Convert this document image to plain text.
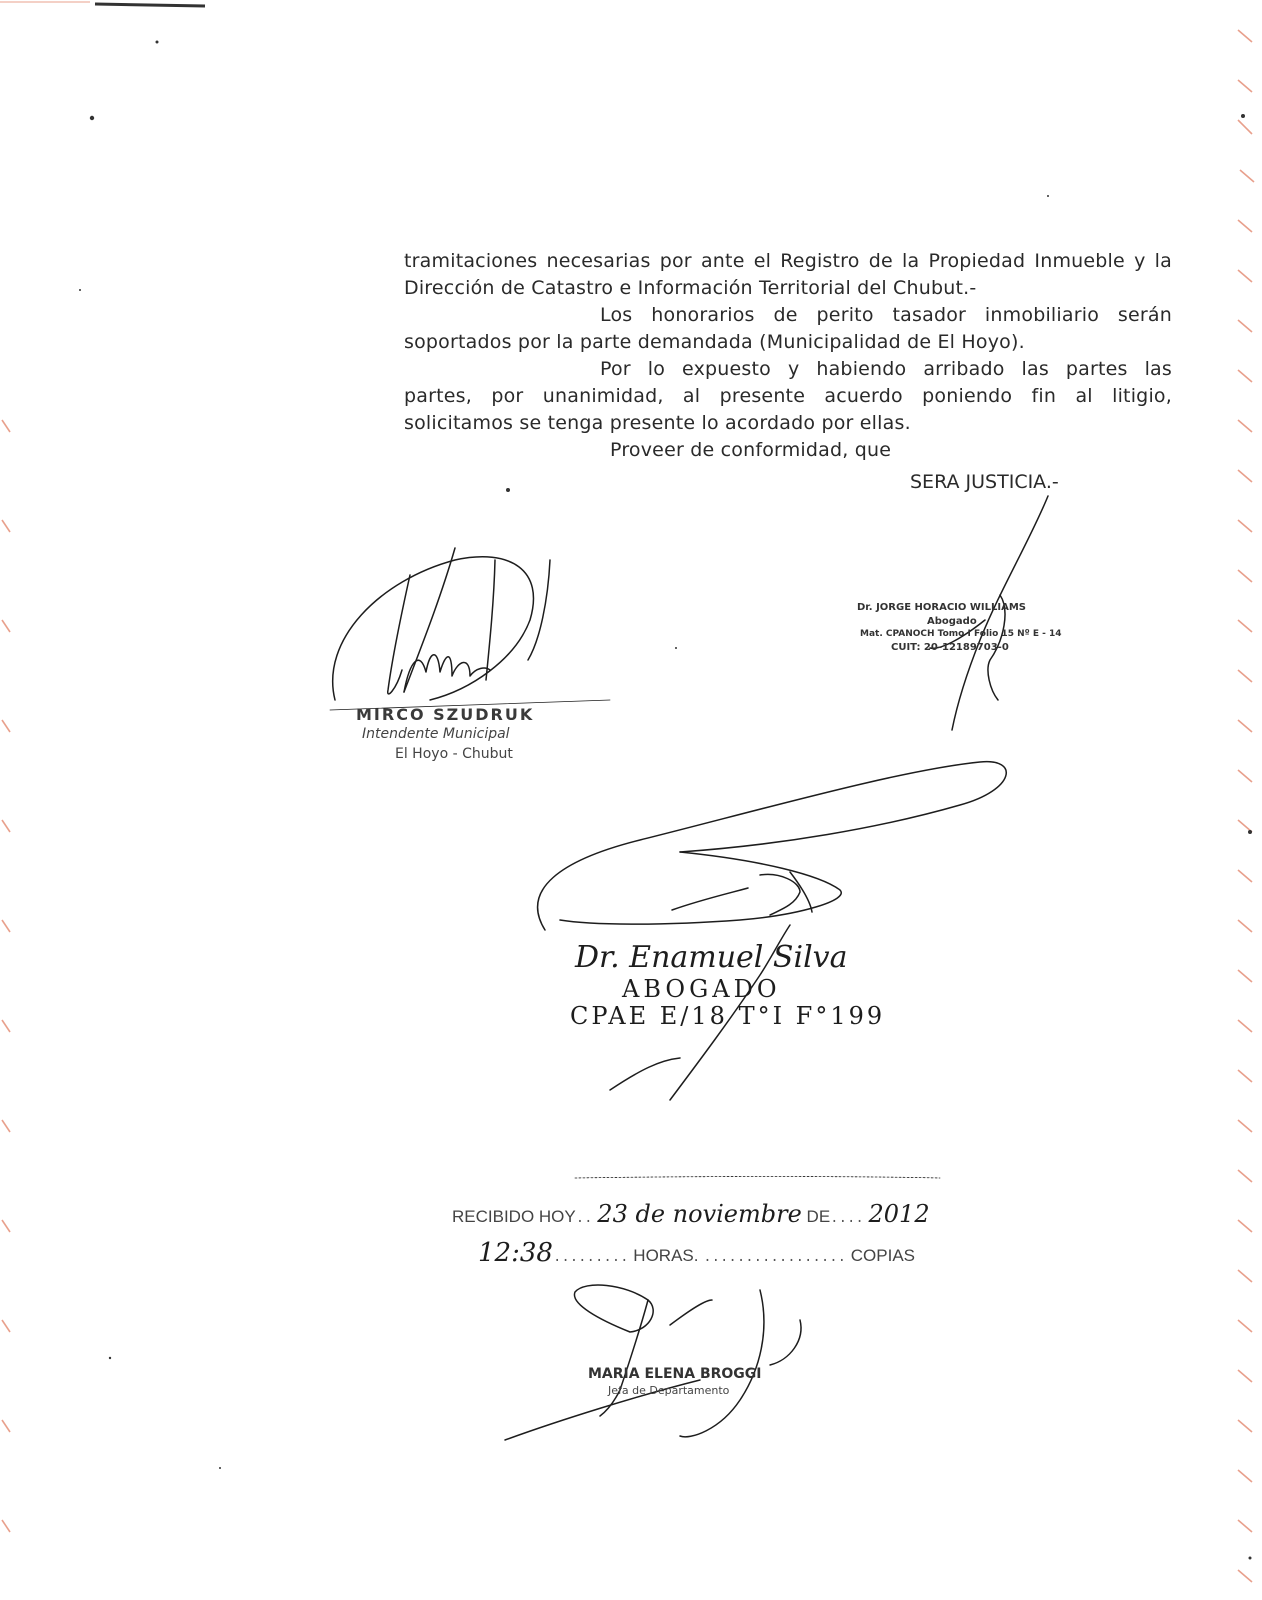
tramitaciones necesarias por ante el Registro de la Propiedad Inmueble y la

Dirección de Catastro e Información Territorial del Chubut.-

Los honorarios de perito tasador inmobiliario serán

soportados por la parte demandada (Municipalidad de El Hoyo).

Por lo expuesto y habiendo arribado las partes las

partes, por unanimidad, al presente acuerdo poniendo fin al litigio,

solicitamos se tenga presente lo acordado por ellas.

Proveer de conformidad, que

SERA JUSTICIA.-
MIRCO SZUDRUK
Intendente Municipal
El Hoyo - Chubut
Dr. JORGE HORACIO WILLIAMS
Abogado
Mat. CPANOCH Tomo I Folio 15 Nº E - 14
CUIT: 20-12189703-0
Dr. Enamuel Silva
ABOGADO
CPAE E/18 T°I F°199
RECIBIDO HOY.. 23 de noviembre DE.... 2012
12:38......... HORAS. ................. COPIAS
MARIA ELENA BROGGI
Jefa de Departamento
